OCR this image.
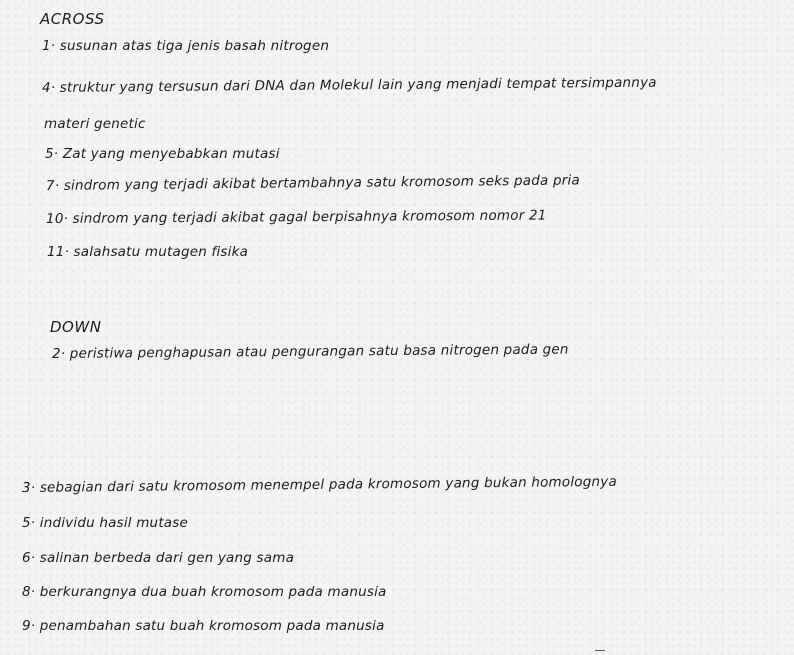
ACROSS
1· susunan atas tiga jenis basah nitrogen
4· struktur yang tersusun dari DNA dan Molekul lain yang menjadi tempat tersimpannya
materi genetic
5· Zat yang menyebabkan mutasi
7· sindrom yang terjadi akibat bertambahnya satu kromosom seks pada pria
10· sindrom yang terjadi akibat gagal berpisahnya kromosom nomor 21
11· salahsatu mutagen fisika
DOWN
2· peristiwa penghapusan atau pengurangan satu basa nitrogen pada gen
3· sebagian dari satu kromosom menempel pada kromosom yang bukan homolognya
5· individu hasil mutase
6· salinan berbeda dari gen yang sama
8· berkurangnya dua buah kromosom pada manusia
9· penambahan satu buah kromosom pada manusia
